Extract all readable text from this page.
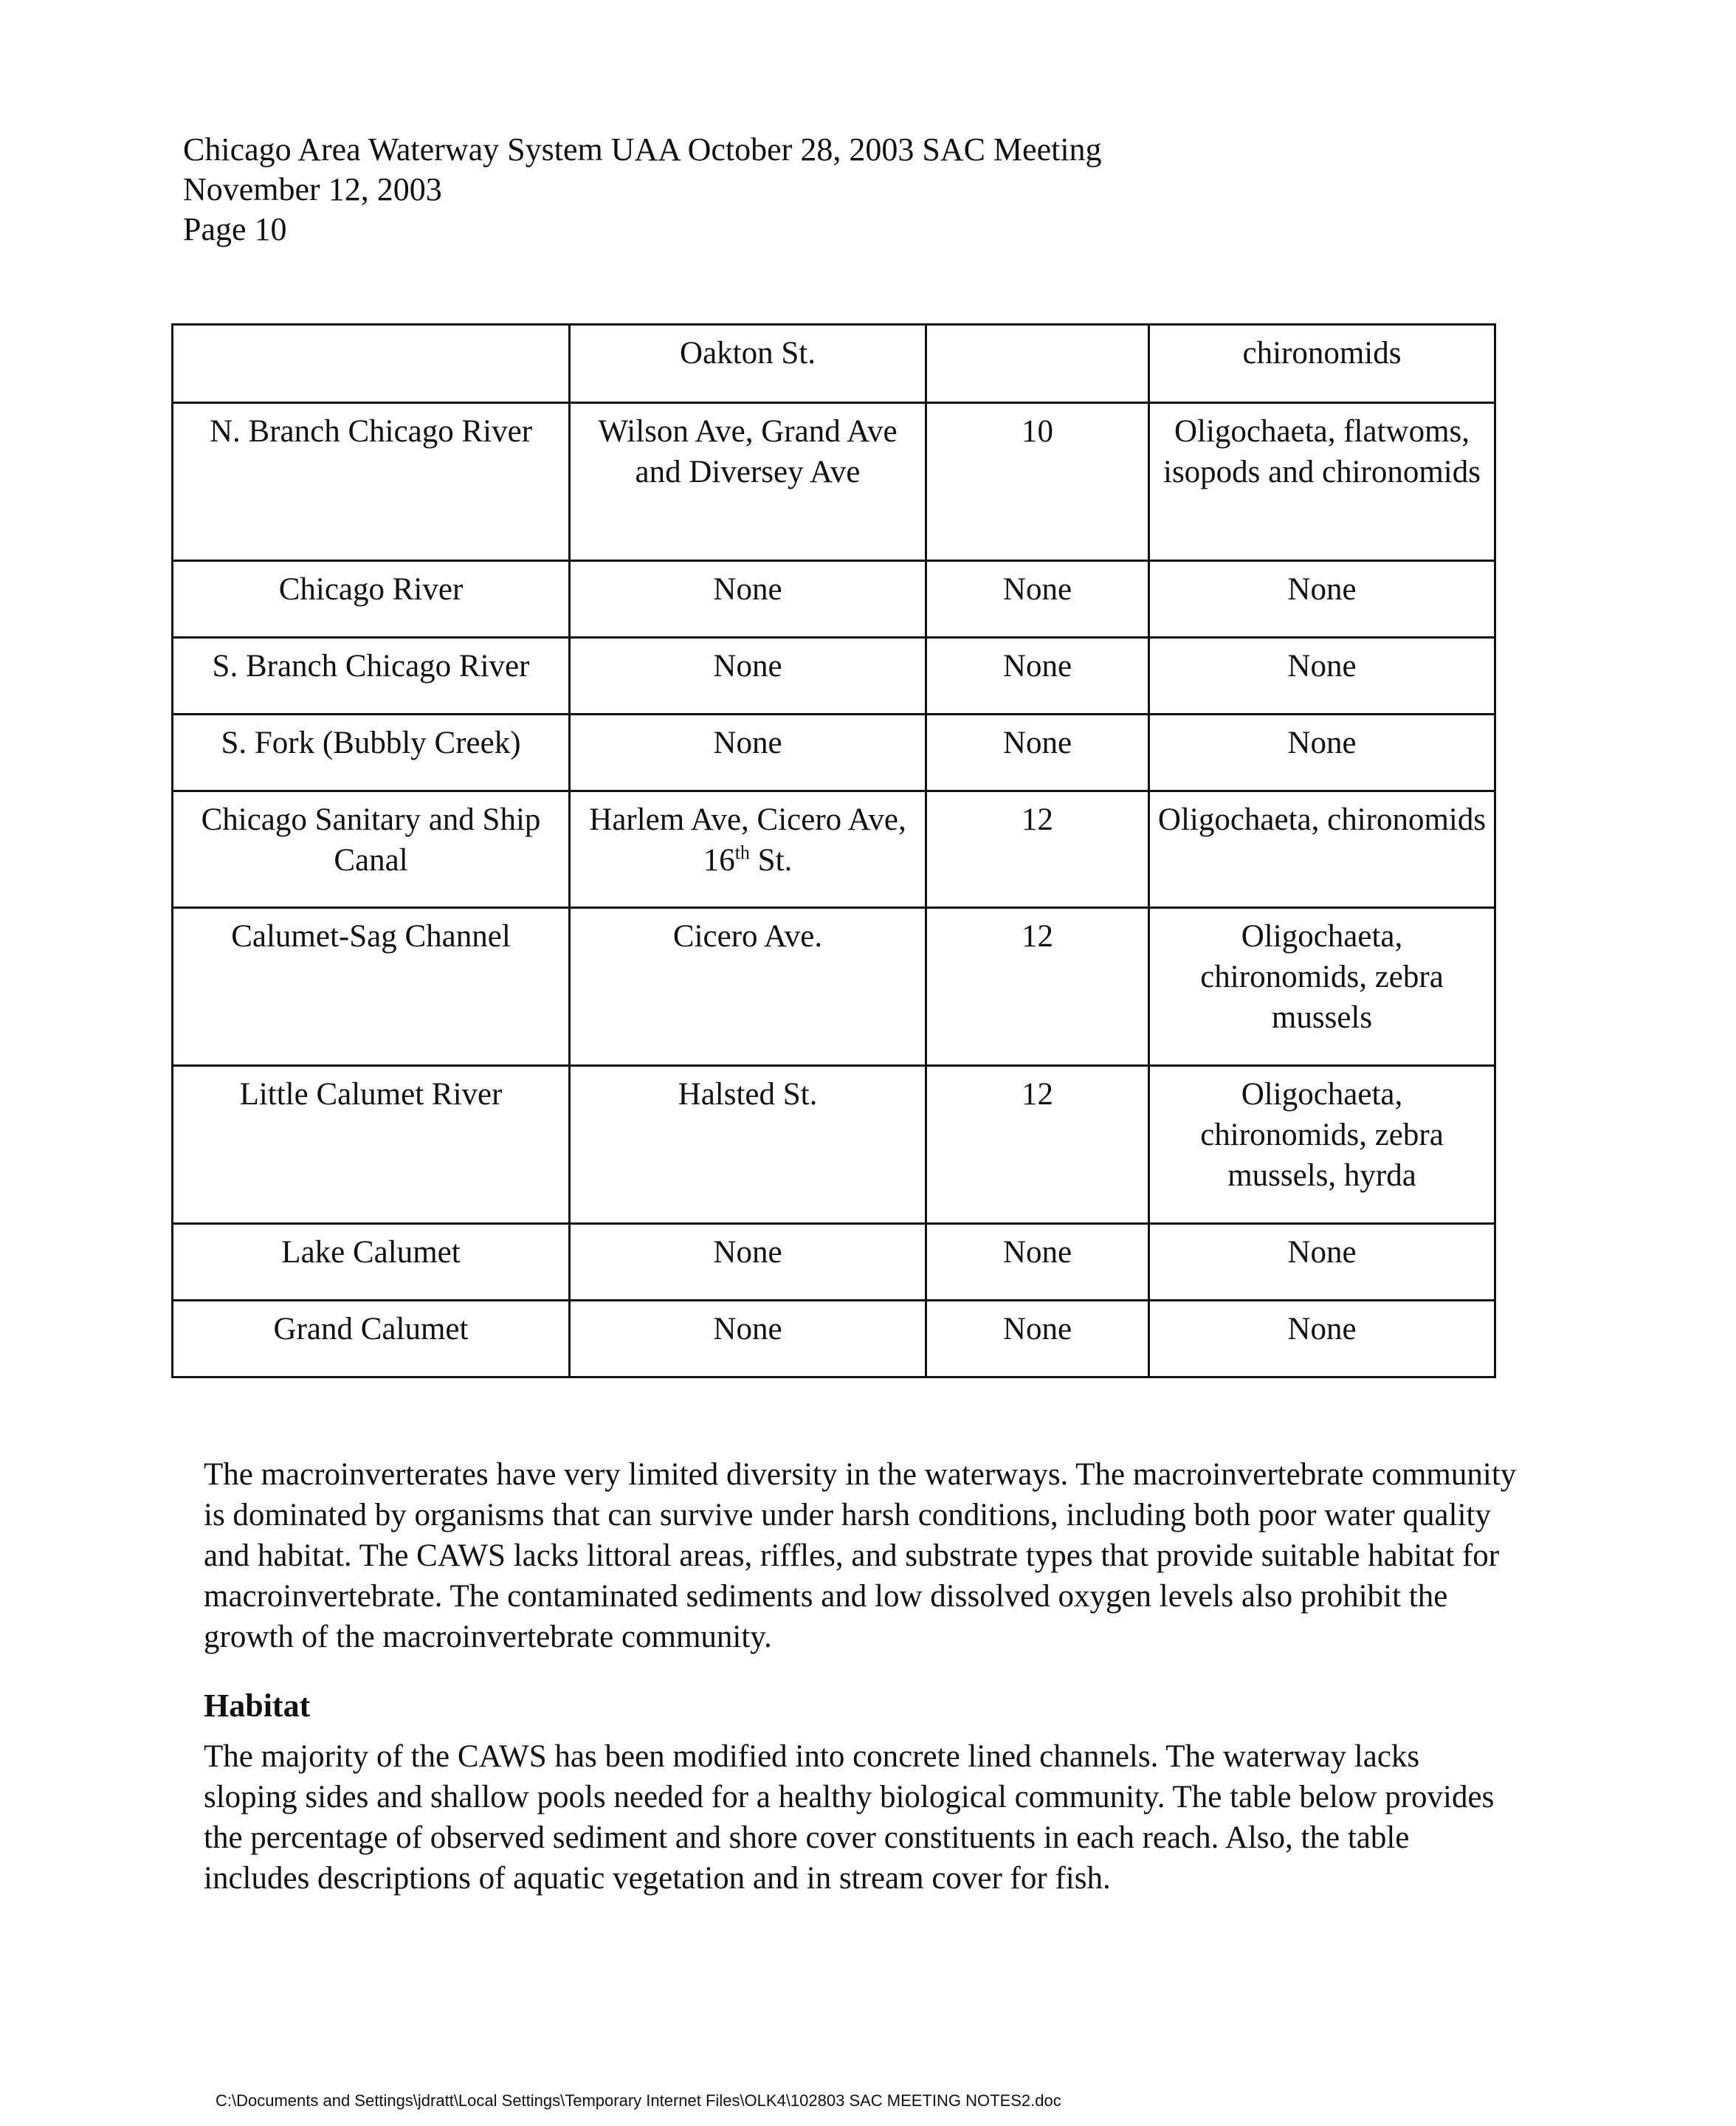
Chicago Area Waterway System UAA October 28, 2003 SAC Meeting
November 12, 2003
Page 10
	Oakton St.		chironomids
N. Branch Chicago River	Wilson Ave, Grand Ave and Diversey Ave	10	Oligochaeta, flatwoms, isopods and chironomids
Chicago River	None	None	None
S. Branch Chicago River	None	None	None
S. Fork (Bubbly Creek)	None	None	None
Chicago Sanitary and Ship Canal	Harlem Ave, Cicero Ave, 16th St.	12	Oligochaeta, chironomids
Calumet-Sag Channel	Cicero Ave.	12	Oligochaeta, chironomids, zebra mussels
Little Calumet River	Halsted St.	12	Oligochaeta, chironomids, zebra mussels, hyrda
Lake Calumet	None	None	None
Grand Calumet	None	None	None

The macroinverterates have very limited diversity in the waterways. The macroinvertebrate community is dominated by organisms that can survive under harsh conditions, including both poor water quality and habitat. The CAWS lacks littoral areas, riffles, and substrate types that provide suitable habitat for macroinvertebrate. The contaminated sediments and low dissolved oxygen levels also prohibit the growth of the macroinvertebrate community.

Habitat

The majority of the CAWS has been modified into concrete lined channels. The waterway lacks sloping sides and shallow pools needed for a healthy biological community. The table below provides the percentage of observed sediment and shore cover constituents in each reach. Also, the table includes descriptions of aquatic vegetation and in stream cover for fish.

C:\Documents and Settings\jdratt\Local Settings\Temporary Internet Files\OLK4\102803 SAC MEETING NOTES2.doc
